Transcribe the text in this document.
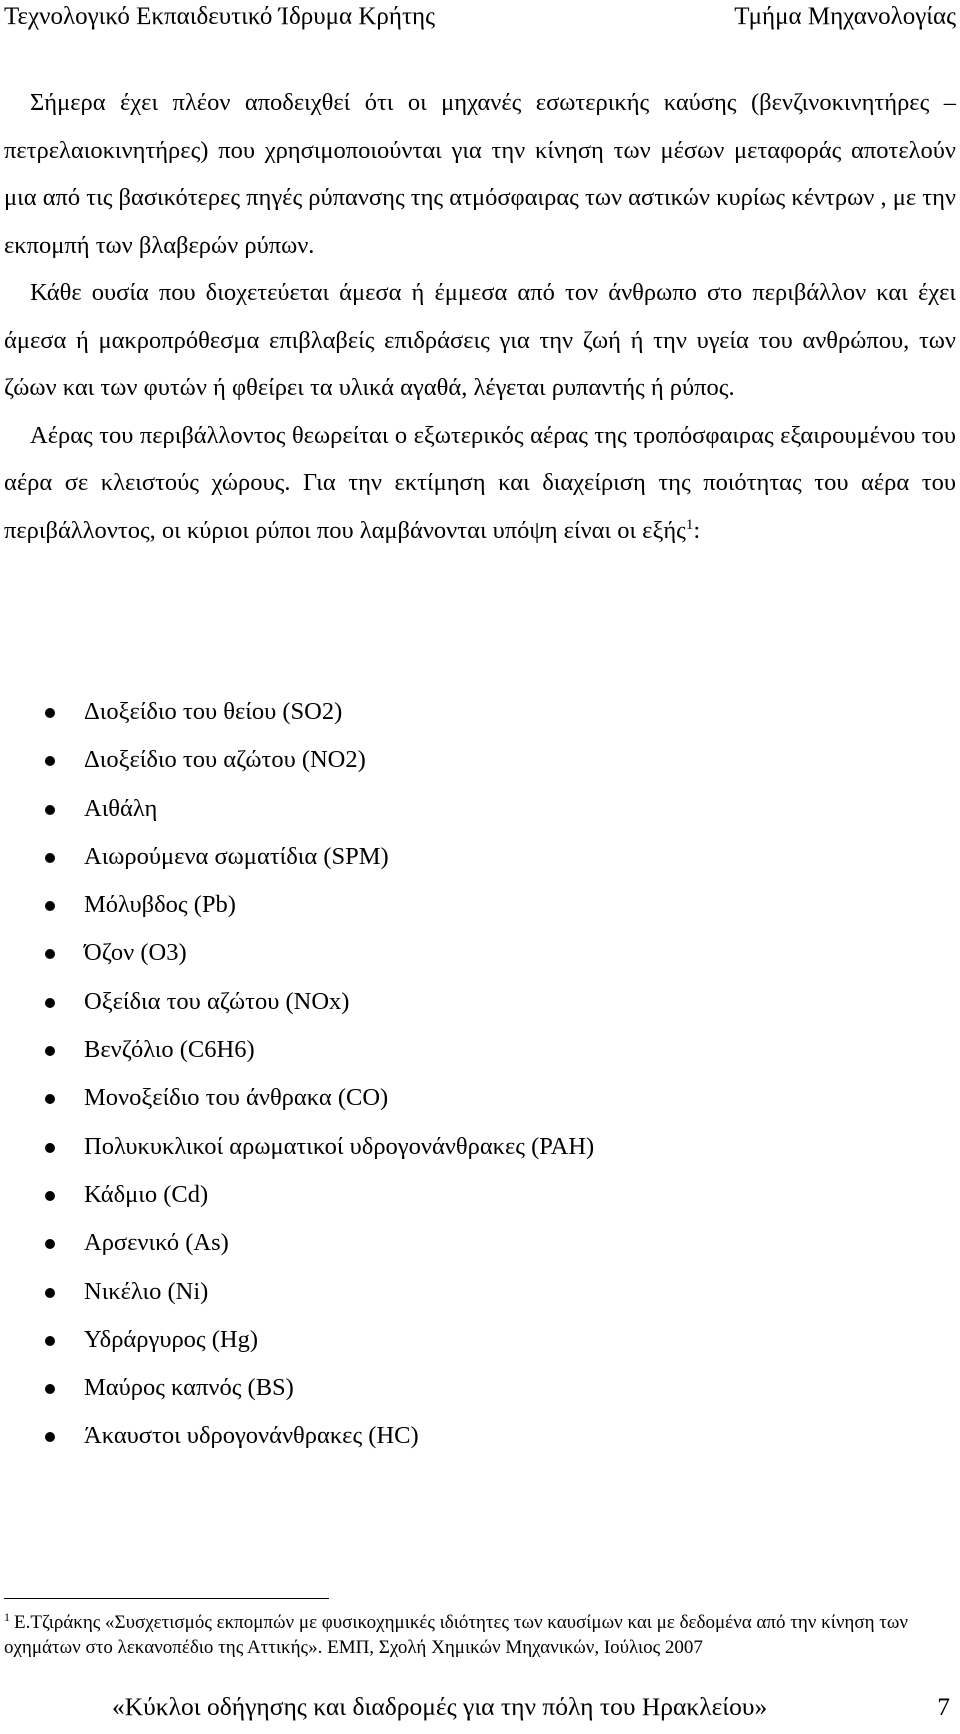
Τεχνολογικό Εκπαιδευτικό Ίδρυμα Κρήτης	Τμήμα Μηχανολογίας

Σήμερα έχει πλέον αποδειχθεί ότι οι μηχανές εσωτερικής καύσης (βενζινοκινητήρες – πετρελαιοκινητήρες) που χρησιμοποιούνται για την κίνηση των μέσων μεταφοράς αποτελούν μια από τις βασικότερες πηγές ρύπανσης της ατμόσφαιρας των αστικών κυρίως κέντρων , με την εκπομπή των βλαβερών ρύπων.

Κάθε ουσία που διοχετεύεται άμεσα ή έμμεσα από τον άνθρωπο στο περιβάλλον και έχει άμεσα ή μακροπρόθεσμα επιβλαβείς επιδράσεις για την ζωή ή την υγεία του ανθρώπου, των ζώων και των φυτών ή φθείρει τα υλικά αγαθά, λέγεται ρυπαντής ή ρύπος.

Αέρας του περιβάλλοντος θεωρείται ο εξωτερικός αέρας της τροπόσφαιρας εξαιρουμένου του αέρα σε κλειστούς χώρους. Για την εκτίμηση και διαχείριση της ποιότητας του αέρα του περιβάλλοντος, οι κύριοι ρύποι που λαμβάνονται υπόψη είναι οι εξής$^1$:

Διοξείδιο του θείου (SO2)
Διοξείδιο του αζώτου (NO2)
Αιθάλη
Αιωρούμενα σωματίδια (SPM)
Μόλυβδος (Pb)
Όζον (O3)
Οξείδια του αζώτου (NOx)
Βενζόλιο (C6H6)
Μονοξείδιο του άνθρακα (CO)
Πολυκυκλικοί αρωματικοί υδρογονάνθρακες (PAH)
Κάδμιο (Cd)
Αρσενικό (As)
Νικέλιο (Ni)
Υδράργυρος (Hg)
Μαύρος καπνός (BS)
Άκαυστοι υδρογονάνθρακες (HC)
$^1$ Ε.Τζιράκης «Συσχετισμός εκπομπών με φυσικοχημικές ιδιότητες των καυσίμων και με δεδομένα από την κίνηση των οχημάτων στο λεκανοπέδιο της Αττικής». ΕΜΠ, Σχολή Χημικών Μηχανικών, Ιούλιος 2007
«Κύκλοι οδήγησης και διαδρομές για την πόλη του Ηρακλείου»	7
